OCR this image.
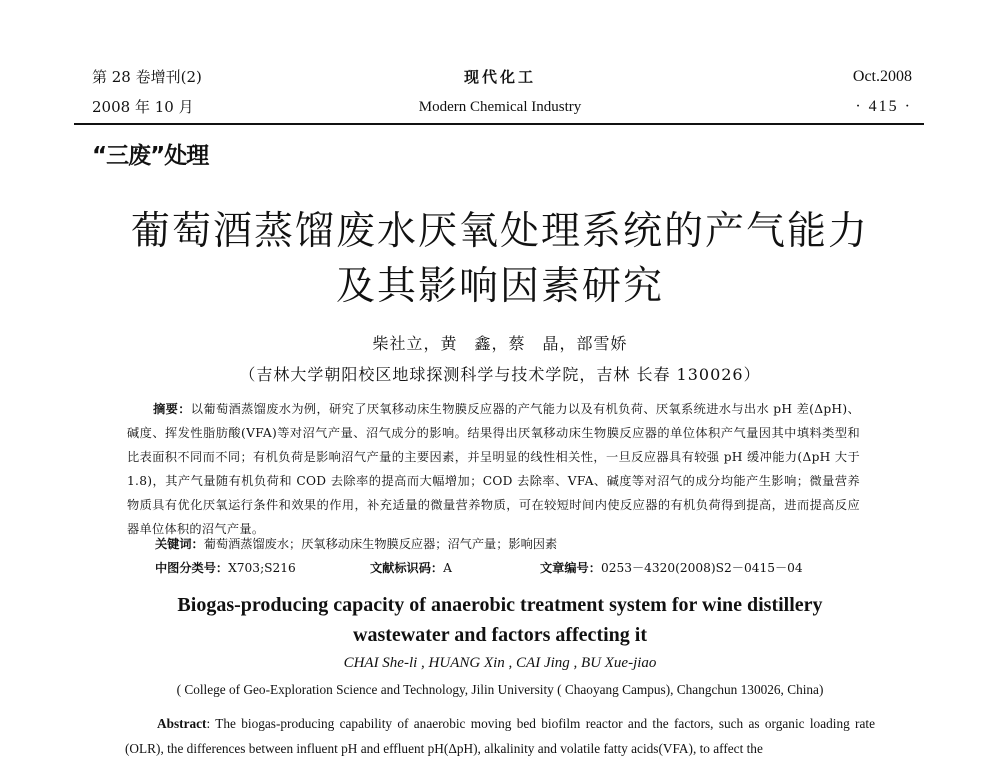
第 28 卷增刊(2)
2008 年 10 月
现代化工
Modern Chemical Industry
Oct.2008
· 415 ·
“三废”处理
葡萄酒蒸馏废水厌氧处理系统的产气能力
及其影响因素研究
柴社立，黄　鑫，蔡　晶，部雪娇
（吉林大学朝阳校区地球探测科学与技术学院，吉林 长春 130026）
摘要：以葡萄酒蒸馏废水为例，研究了厌氧移动床生物膜反应器的产气能力以及有机负荷、厌氧系统进水与出水 pH 差(ΔpH)、碱度、挥发性脂肪酸(VFA)等对沼气产量、沼气成分的影响。结果得出厌氧移动床生物膜反应器的单位体积产气量因其中填料类型和比表面积不同而不同；有机负荷是影响沼气产量的主要因素，并呈明显的线性相关性，一旦反应器具有较强 pH 缓冲能力(ΔpH 大于 1.8)，其产气量随有机负荷和 COD 去除率的提高而大幅增加；COD 去除率、VFA、碱度等对沼气的成分均能产生影响；微量营养物质具有优化厌氧运行条件和效果的作用，补充适量的微量营养物质，可在较短时间内使反应器的有机负荷得到提高，进而提高反应器单位体积的沼气产量。
关键词：葡萄酒蒸馏废水；厌氧移动床生物膜反应器；沼气产量；影响因素
中图分类号：X703;S216	文献标识码：A	文章编号：0253－4320(2008)S2－0415－04
Biogas-producing capacity of anaerobic treatment system for wine distillery
wastewater and factors affecting it
CHAI She-li , HUANG Xin , CAI Jing , BU Xue-jiao
( College of Geo-Exploration Science and Technology, Jilin University ( Chaoyang Campus), Changchun 130026, China)
Abstract: The biogas-producing capability of anaerobic moving bed biofilm reactor and the factors, such as organic loading rate (OLR), the differences between influent pH and effluent pH(ΔpH), alkalinity and volatile fatty acids(VFA), to affect the
